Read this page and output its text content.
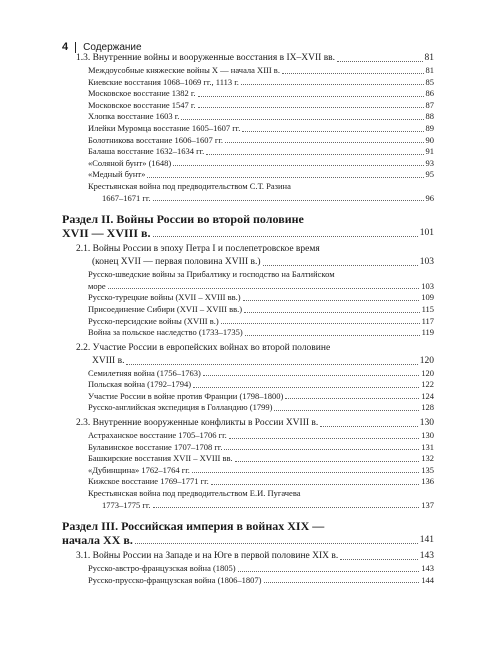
4 Содержание
1.3. Внутренние войны и вооруженные восстания в IX–XVII вв.	81
Междоусобные княжеские войны X — начала XIII в.	81
Киевские восстания 1068–1069 гг., 1113 г.	85
Московское восстание 1382 г.	86
Московское восстание 1547 г.	87
Хлопка восстание 1603 г.	88
Илейки Муромца восстание 1605–1607 гг.	89
Болотникова восстание 1606–1607 гг.	90
Балаша восстание 1632–1634 гг.	91
«Соляной бунт» (1648)	93
«Медный бунт»	95
Крестьянская война под предводительством С.Т. Разина
1667–1671 гг.	96
Раздел II. Войны России во второй половине
XVII — XVIII в.	101
2.1. Войны России в эпоху Петра I и послепетровское время
(конец XVII — первая половина XVIII в.)	103
Русско-шведские войны за Прибалтику и господство на Балтийском
море	103
Русско-турецкие войны (XVII – XVIII вв.)	109
Присоединение Сибири (XVII – XVIII вв.)	115
Русско-персидские войны (XVIII в.)	117
Война за польское наследство (1733–1735)	119
2.2. Участие России в европейских войнах во второй половине
XVIII в.	120
Семилетняя война (1756–1763)	120
Польская война (1792–1794)	122
Участие России в войне против Франции (1798–1800)	124
Русско-английская экспедиция в Голландию (1799)	128
2.3. Внутренние вооруженные конфликты в России XVIII в.	130
Астраханское восстание 1705–1706 гг.	130
Булавинское восстание 1707–1708 гг.	131
Башкирские восстания XVII – XVIII вв.	132
«Дубинщина» 1762–1764 гг.	135
Кижское восстание 1769–1771 гг.	136
Крестьянская война под предводительством Е.И. Пугачева
1773–1775 гг.	137
Раздел III. Российская империя в войнах XIX —
начала XX в.	141
3.1. Войны России на Западе и на Юге в первой половине XIX в.	143
Русско-австро-французская война (1805)	143
Русско-прусско-французская война (1806–1807)	144
